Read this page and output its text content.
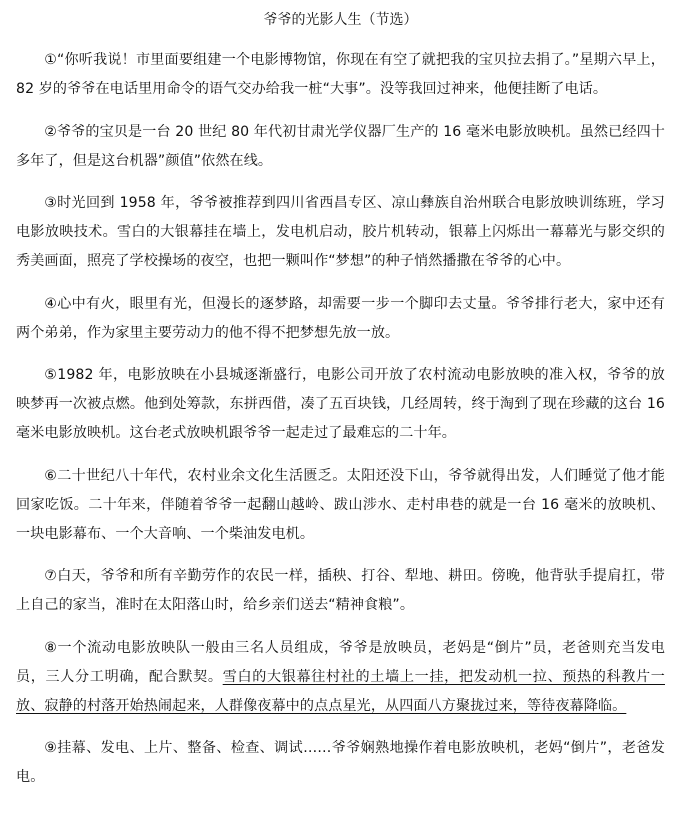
爷爷的光影人生（节选）

①“你听我说！市里面要组建一个电影博物馆，你现在有空了就把我的宝贝拉去捐了。”星期六早上，82 岁的爷爷在电话里用命令的语气交办给我一桩“大事”。没等我回过神来，他便挂断了电话。

②爷爷的宝贝是一台 20 世纪 80 年代初甘肃光学仪器厂生产的 16 毫米电影放映机。虽然已经四十多年了，但是这台机器”颜值”依然在线。

③时光回到 1958 年，爷爷被推荐到四川省西昌专区、凉山彝族自治州联合电影放映训练班，学习电影放映技术。雪白的大银幕挂在墙上，发电机启动，胶片机转动，银幕上闪烁出一幕幕光与影交织的秀美画面，照亮了学校操场的夜空，也把一颗叫作“梦想”的种子悄然播撒在爷爷的心中。

④心中有火，眼里有光，但漫长的逐梦路，却需要一步一个脚印去丈量。爷爷排行老大，家中还有两个弟弟，作为家里主要劳动力的他不得不把梦想先放一放。

⑤1982 年，电影放映在小县城逐渐盛行，电影公司开放了农村流动电影放映的准入权，爷爷的放映梦再一次被点燃。他到处筹款，东拼西借，凑了五百块钱，几经周转，终于淘到了现在珍藏的这台 16 毫米电影放映机。这台老式放映机跟爷爷一起走过了最难忘的二十年。

⑥二十世纪八十年代，农村业余文化生活匮乏。太阳还没下山，爷爷就得出发，人们睡觉了他才能回家吃饭。二十年来，伴随着爷爷一起翻山越岭、跋山涉水、走村串巷的就是一台 16 毫米的放映机、一块电影幕布、一个大音响、一个柴油发电机。

⑦白天，爷爷和所有辛勤劳作的农民一样，插秧、打谷、犁地、耕田。傍晚，他背驮手提肩扛，带上自己的家当，准时在太阳落山时，给乡亲们送去“精神食粮”。

⑧一个流动电影放映队一般由三名人员组成，爷爷是放映员，老妈是“倒片”员，老爸则充当发电员，三人分工明确，配合默契。雪白的大银幕往村社的土墙上一挂，把发动机一拉、预热的科教片一放、寂静的村落开始热闹起来，人群像夜幕中的点点星光，从四面八方聚拢过来，等待夜幕降临。

⑨挂幕、发电、上片、整备、检查、调试……爷爷娴熟地操作着电影放映机，老妈“倒片”，老爸发电。
